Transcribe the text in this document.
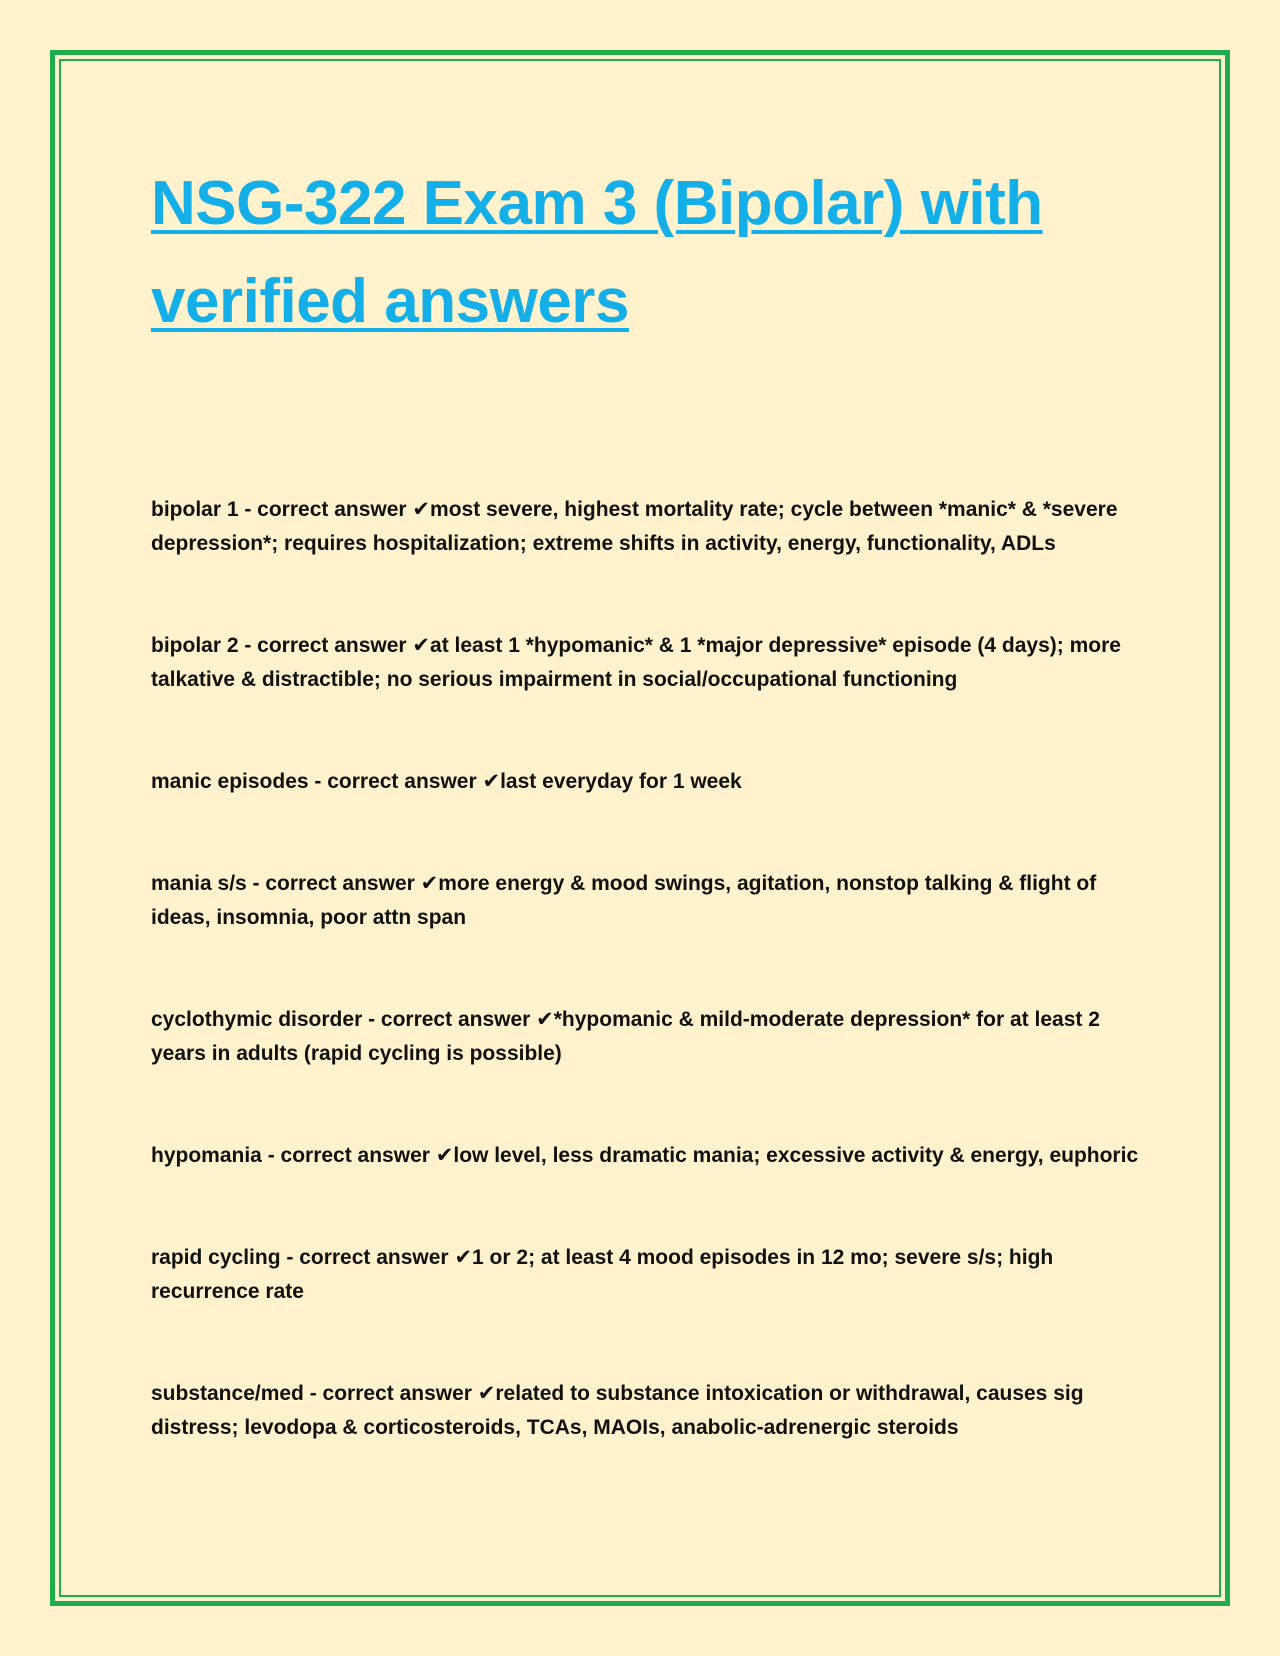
NSG-322 Exam 3 (Bipolar) with verified answers

bipolar 1 - correct answer ✔most severe, highest mortality rate; cycle between *manic* & *severe depression*; requires hospitalization; extreme shifts in activity, energy, functionality, ADLs

bipolar 2 - correct answer ✔at least 1 *hypomanic* & 1 *major depressive* episode (4 days); more talkative & distractible; no serious impairment in social/occupational functioning

manic episodes - correct answer ✔last everyday for 1 week

mania s/s - correct answer ✔more energy & mood swings, agitation, nonstop talking & flight of ideas, insomnia, poor attn span

cyclothymic disorder - correct answer ✔*hypomanic & mild-moderate depression* for at least 2 years in adults (rapid cycling is possible)

hypomania - correct answer ✔low level, less dramatic mania; excessive activity & energy, euphoric

rapid cycling - correct answer ✔1 or 2; at least 4 mood episodes in 12 mo; severe s/s; high recurrence rate

substance/med - correct answer ✔related to substance intoxication or withdrawal, causes sig distress; levodopa & corticosteroids, TCAs, MAOIs, anabolic-adrenergic steroids
